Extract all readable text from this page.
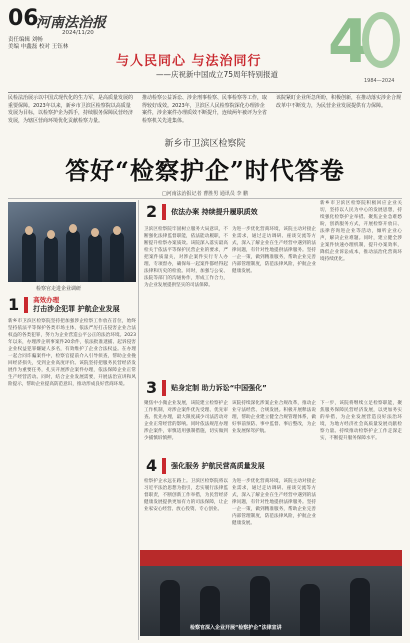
06
河南法治报
2024/11/20
责任编辑 刘畅
美编 申鑫磊 校对 王钰林
与人民同心 与法治同行
——庆祝新中国成立75周年特别报道 4
1984—2024

民检法治展示以中国式现代化的生力军，是高质量发展的重要保障。2023年以来，新乡市卫滨区检察院以高质量发展为目标，以检察护企为抓手，持续服务保障民营经济发展，为辖区营商环境优化贡献检察力量。

推动检察公益诉讼、涉企刑事检察、民事检察等工作，取得较好成效。2023年，卫滨区人民检察院深化办理涉企案件，涉企案件办理质效不断提升，连续两年被评为全省检察机关先进集体。

该院紧盯企业所急所盼，积极创新，在推动落实涉企合规改革中不断发力，为民营企业发展提供有力保障。

新乡市卫滨区检察院
答好“检察护企”时代答卷
□河南法治报记者 曹胜男 通讯员 李 鹏
检察官走进企业调研
1 高效办理
打击涉企犯罪 护航企业发展
新乡市卫滨区检察院坚持把加强涉企检察工作放在首位，始终坚持依法平等保护各类市场主体，依法严厉打击侵害企业合法权益的各类犯罪，努力为企业营造公平公正的法治环境。2023年以来，办理涉企刑事案件20余件，依法批准逮捕、起诉侵害企业权益犯罪嫌疑人多名，有效维护了企业合法权益。在办理一起合同诈骗案件中，检察官提前介入引导侦查，帮助企业挽回经济损失，受到企业高度评价。该院坚持把服务民营经济发展作为重要任务，扎实开展涉企案件办理，依法保障企业正常生产经营活动。同时，结合企业发展需要，开展法治宣讲和风险提示，帮助企业提高防范意识，推动形成良好营商环境。
2 依法办案 持续提升履职质效
卫滨区检察院牢固树立服务大局意识，不断强化法律监督职能，依法能动履职，不断提升检察办案质效。该院深入落实最高检关于依法平等保护民营企业的要求，严把案件质量关，对涉企案件实行专人办理、专项督办，确保每一起案件都经得起法律和历史的检验。同时，加强与公安、法院等部门的沟通协作，形成工作合力，为企业发展提供坚实的司法保障。
为进一步优化营商环境，该院主动对接企业需求，通过走访调研、座谈交流等方式，深入了解企业在生产经营中遇到的法律问题，有针对性地提供法律服务。坚持一企一策，做到精准服务，帮助企业完善内部管理制度，防范法律风险，护航企业健康发展。
新乡市卫滨区检察院积极回应企业关切，坚持以人民为中心的发展思想，持续强化检察护企举措。聚焦企业急难愁盼，创新服务方式，开展检察开放日、法律咨询进企业等活动，倾听企业心声，解决企业难题。同时，建立健全涉企案件快速办理机制，提升办案效率，降低企业诉讼成本，推动法治化营商环境持续优化。
3 贴身定制 助力诉讼“中国强化”
聚焦中小微企业发展，该院建立检察护企工作机制，对涉企案件优先受理、优先审查、优先办理，最大限度减少司法活动对企业正常经营的影响。同时依法规范办理涉企案件，审慎适用强制措施，切实做到少捕慎诉慎押。
该院持续深化涉案企业合规改革，推动企业守法经营、合规发展。积极开展释法说理，帮助企业建立健全合规管理体系，做好事前预防、事中监督、事后整改，为企业发展保驾护航。
下一步，该院将继续立足检察职能，聚焦服务保障民营经济发展，以更加务实的举措，为企业发展营造良好法治环境，为地方经济社会高质量发展贡献检察力量。持续推动检察护企工作走深走实，不断提升服务保障水平。
4 强化服务 护航民营高质量发展
检察护企永远在路上。卫滨区检察院将以习近平法治思想为指引，忠实履行法律监督职责，不断创新工作举措，为民营经济健康发展提供更加有力的司法保障，让企业家安心经营、放心投资、专心创业。
为进一步优化营商环境，该院主动对接企业需求，通过走访调研、座谈交流等方式，深入了解企业在生产经营中遇到的法律问题，有针对性地提供法律服务。坚持一企一策，做到精准服务，帮助企业完善内部管理制度，防范法律风险，护航企业健康发展。
检察官深入企业开展“检察护企”法律宣讲
